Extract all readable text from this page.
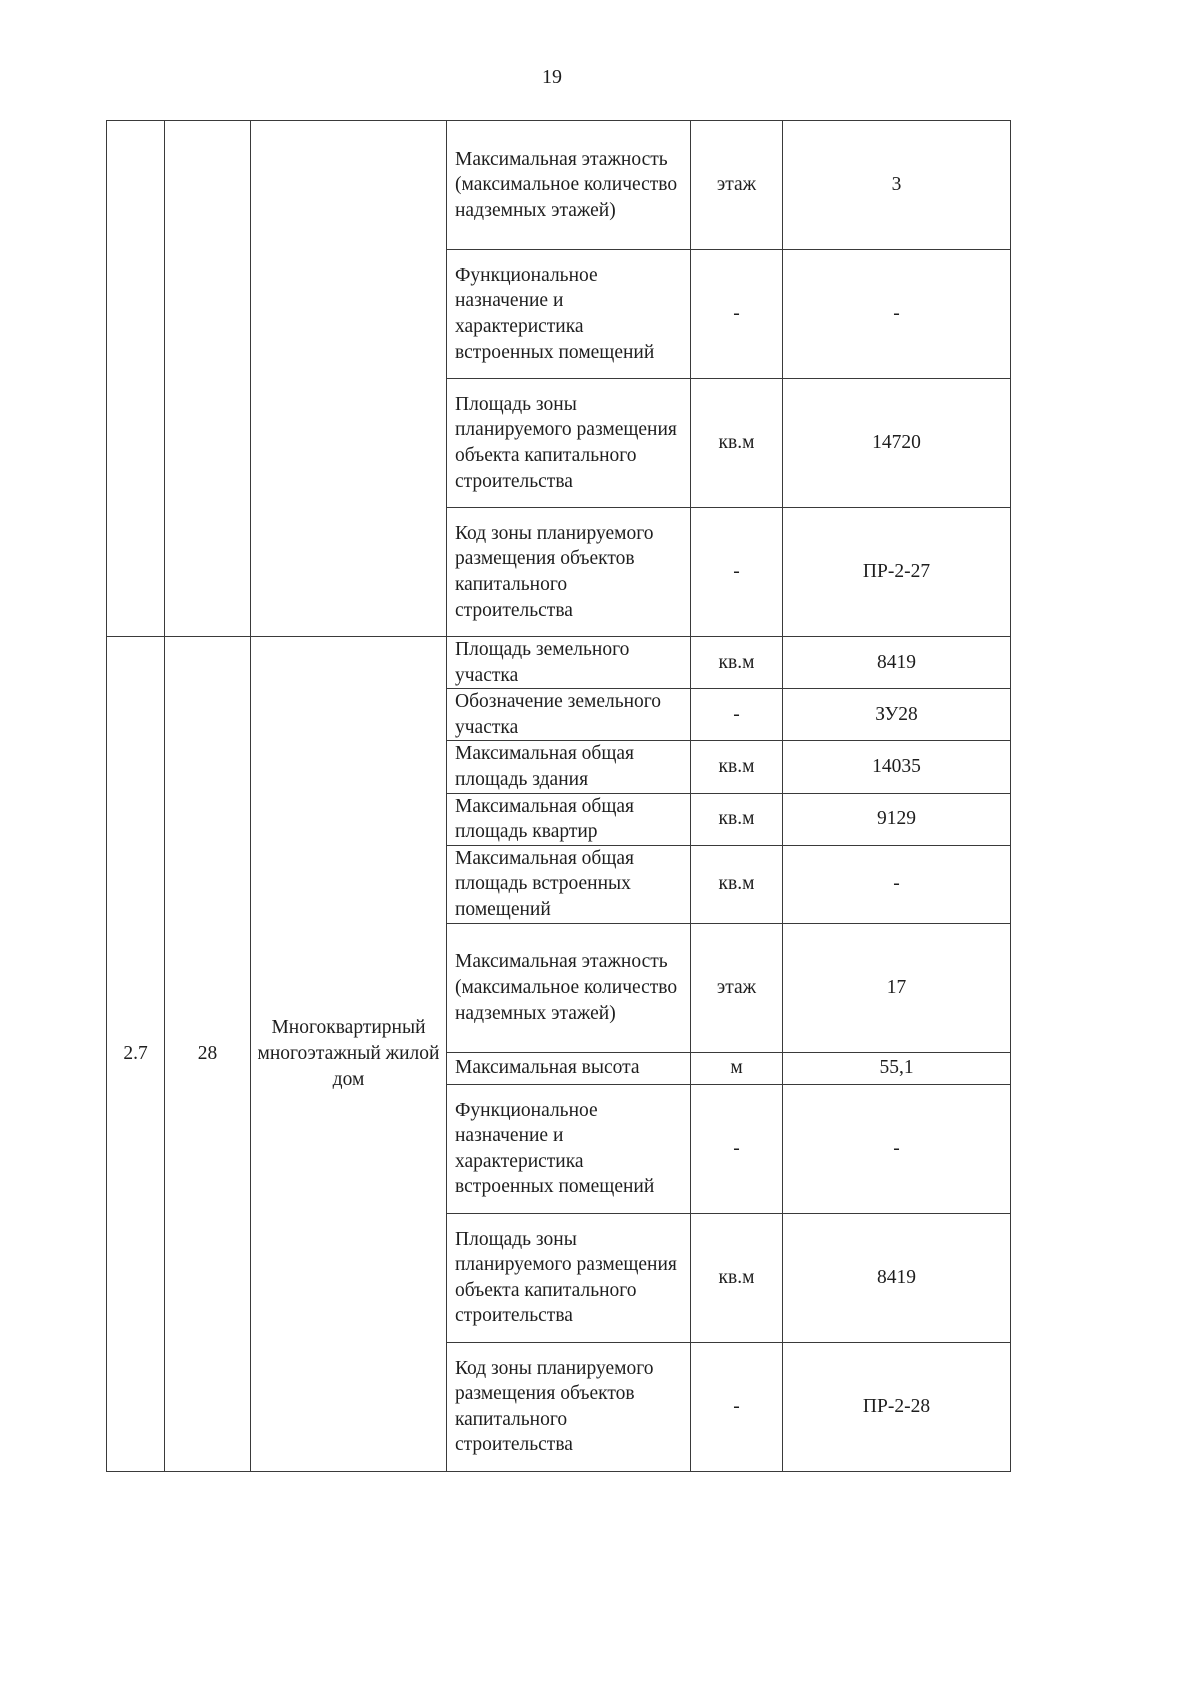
19
			Максимальная этажность (максимальное количество надземных этажей)	этаж	3
			Функциональное назначение и характеристика встроенных помещений	-	-
			Площадь зоны планируемого размещения объекта капитального строительства	кв.м	14720
			Код зоны планируемого размещения объектов капитального строительства	-	ПР-2-27
2.7	28	Многоквартирный многоэтажный жилой дом	Площадь земельного участка	кв.м	8419
			Обозначение земельного участка	-	ЗУ28
			Максимальная общая площадь здания	кв.м	14035
			Максимальная общая площадь квартир	кв.м	9129
			Максимальная общая площадь встроенных помещений	кв.м	-
			Максимальная этажность (максимальное количество надземных этажей)	этаж	17
			Максимальная высота	м	55,1
			Функциональное назначение и характеристика встроенных помещений	-	-
			Площадь зоны планируемого размещения объекта капитального строительства	кв.м	8419
			Код зоны планируемого размещения объектов капитального строительства	-	ПР-2-28
